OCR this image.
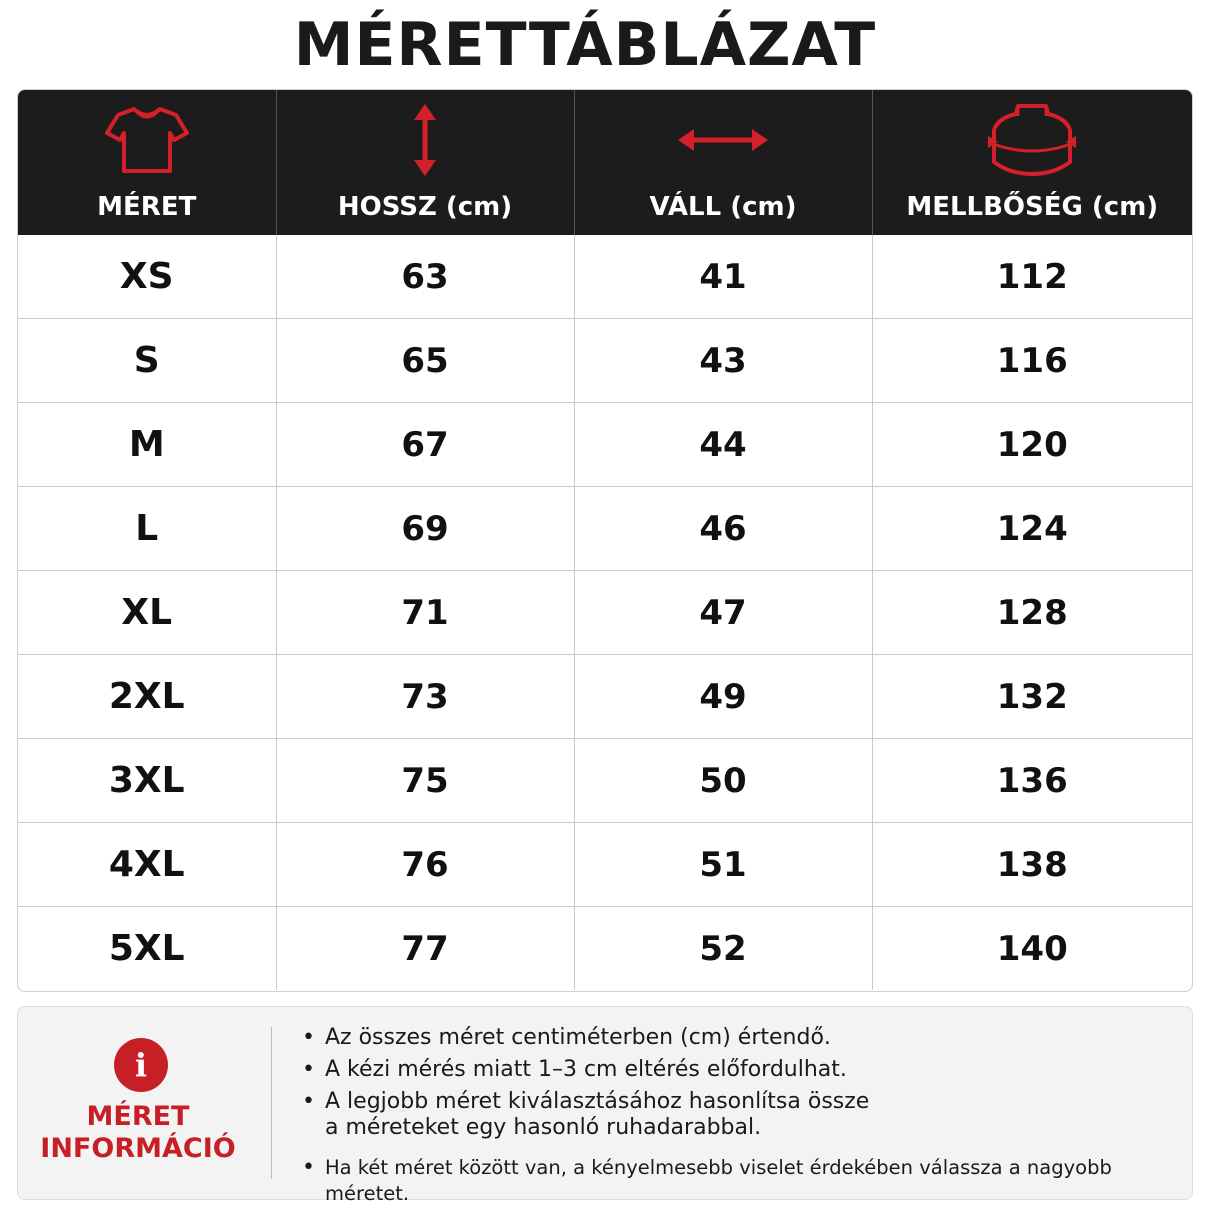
MÉRETTÁBLÁZAT
MÉRET	HOSSZ (cm)	VÁLL (cm)	MELLBŐSÉG (cm)

XS	63	41	112
S	65	43	116
M	67	44	120
L	69	46	124
XL	71	47	128
2XL	73	49	132
3XL	75	50	136
4XL	76	51	138
5XL	77	52	140
i
MÉRET
INFORMÁCIÓ
• Az összes méret centiméterben (cm) értendő.
• A kézi mérés miatt 1–3 cm eltérés előfordulhat.
• A legjobb méret kiválasztásához hasonlítsa össze a méreteket egy hasonló ruhadarabbal.
• Ha két méret között van, a kényelmesebb viselet érdekében válassza a nagyobb méretet.
